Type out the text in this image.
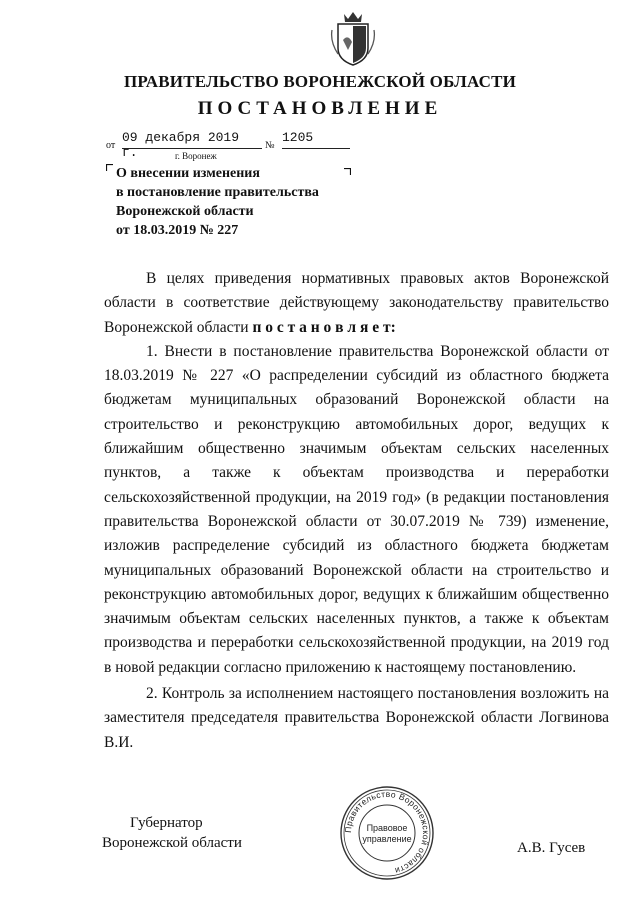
ПРАВИТЕЛЬСТВО ВОРОНЕЖСКОЙ ОБЛАСТИ
ПОСТАНОВЛЕНИЕ
от
09 декабря 2019 г.	№
1205
г. Воронеж
О внесении изменения
в постановление правительства
Воронежской области
от 18.03.2019 № 227

В целях приведения нормативных правовых актов Воронежской области в соответствие действующему законодательству правительство Воронежской области п о с т а н о в л я е т:

1. Внести в постановление правительства Воронежской области от 18.03.2019 № 227 «О распределении субсидий из областного бюджета бюджетам муниципальных образований Воронежской области на строительство и реконструкцию автомобильных дорог, ведущих к ближайшим общественно значимым объектам сельских населенных пунктов, а также к объектам производства и переработки сельскохозяйственной продукции, на 2019 год» (в редакции постановления правительства Воронежской области от 30.07.2019 № 739) изменение, изложив распределение субсидий из областного бюджета бюджетам муниципальных образований Воронежской области на строительство и реконструкцию автомобильных дорог, ведущих к ближайшим общественно значимым объектам сельских населенных пунктов, а также к объектам производства и переработки сельскохозяйственной продукции, на 2019 год в новой редакции согласно приложению к настоящему постановлению.

2. Контроль за исполнением настоящего постановления возложить на заместителя председателя правительства Воронежской области Логвинова В.И.

Губернатор
Воронежской области	А.В. Гусев
Правительство Воронежской области
Правовое
управление
